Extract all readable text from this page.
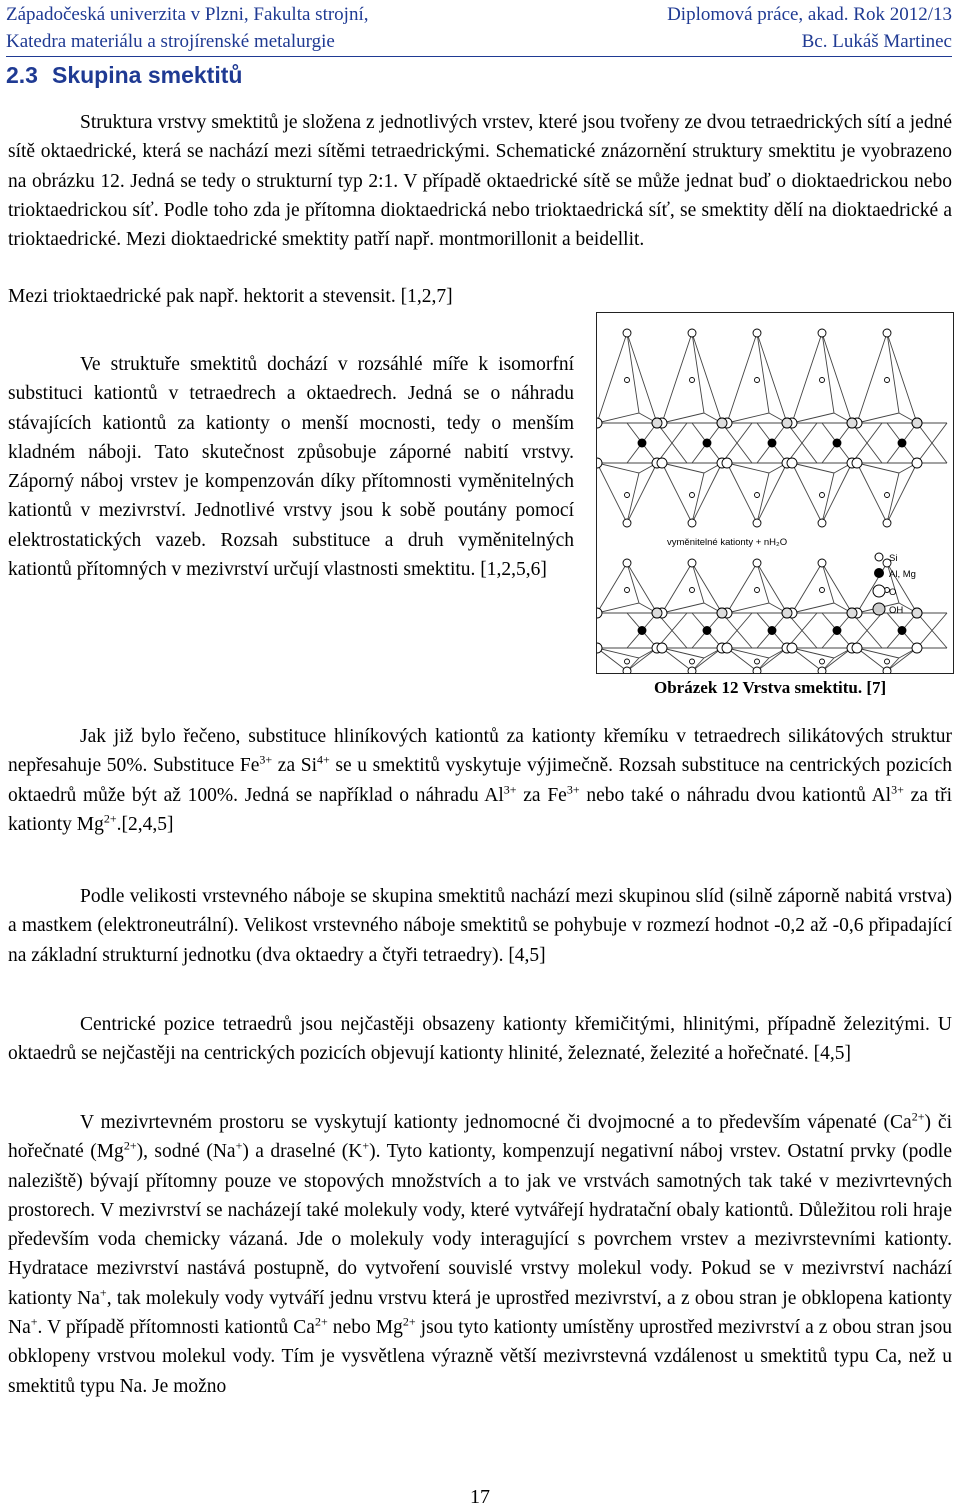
Západočeská univerzita v Plzni, Fakulta strojní,	Diplomová práce, akad. Rok 2012/13
Katedra materiálu a strojírenské metalurgie	Bc. Lukáš Martinec
2.3 Skupina smektitů
Struktura vrstvy smektitů je složena z jednotlivých vrstev, které jsou tvořeny ze dvou tetraedrických sítí a jedné sítě oktaedrické, která se nachází mezi sítěmi tetraedrickými. Schematické znázornění struktury smektitu je vyobrazeno na obrázku 12. Jedná se tedy o strukturní typ 2:1. V případě oktaedrické sítě se může jednat buď o dioktaedrickou nebo trioktaedrickou síť. Podle toho zda je přítomna dioktaedrická nebo trioktaedrická síť, se smektity dělí na dioktaedrické a trioktaedrické. Mezi dioktaedrické smektity patří např. montmorillonit a beidellit.
Mezi trioktaedrické pak např. hektorit a stevensit. [1,2,7]
Ve struktuře smektitů dochází v rozsáhlé míře k isomorfní substituci kationtů v tetraedrech a oktaedrech. Jedná se o náhradu stávajících kationtů za kationty o menší mocnosti, tedy o menším kladném náboji. Tato skutečnost způsobuje záporné nabití vrstvy. Záporný náboj vrstev je kompenzován díky přítomnosti vyměnitelných kationtů v mezivrství. Jednotlivé vrstvy jsou k sobě poutány pomocí elektrostatických vazeb. Rozsah substituce a druh vyměnitelných kationtů přítomných v mezivrství určují vlastnosti smektitu. [1,2,5,6]
vyměnitelné kationty + nH₂O
Si
Al, Mg
O
OH
Obrázek 12 Vrstva smektitu. [7]
Jak již bylo řečeno, substituce hliníkových kationtů za kationty křemíku v tetraedrech silikátových struktur nepřesahuje 50%. Substituce $Fe^{3+}$ za $Si^{4+}$ se u smektitů vyskytuje výjimečně. Rozsah substituce na centrických pozicích oktaedrů může být až 100%. Jedná se například o náhradu $Al^{3+}$ za $Fe^{3+}$ nebo také o náhradu dvou kationtů $Al^{3+}$ za tři kationty $Mg^{2+}.[2,4,5]$
Podle velikosti vrstevného náboje se skupina smektitů nachází mezi skupinou slíd (silně záporně nabitá vrstva) a mastkem (elektroneutrální). Velikost vrstevného náboje smektitů se pohybuje v rozmezí hodnot -0,2 až -0,6 připadající na základní strukturní jednotku (dva oktaedry a čtyři tetraedry). [4,5]
Centrické pozice tetraedrů jsou nejčastěji obsazeny kationty křemičitými, hlinitými, případně železitými. U oktaedrů se nejčastěji na centrických pozicích objevují kationty hlinité, železnaté, železité a hořečnaté. [4,5]
V mezivrtevném prostoru se vyskytují kationty jednomocné či dvojmocné a to především vápenaté $(Ca^{2+})$ či hořečnaté $(Mg^{2+})$, sodné (Na+) a draselné (K+). Tyto kationty, kompenzují negativní náboj vrstev. Ostatní prvky (podle naleziště) bývají přítomny pouze ve stopových množstvích a to jak ve vrstvách samotných tak také v mezivrtevných prostorech. V mezivrství se nacházejí také molekuly vody, které vytvářejí hydratační obaly kationtů. Důležitou roli hraje především voda chemicky vázaná. Jde o molekuly vody interagující s povrchem vrstev a mezivrstevními kationty. Hydratace mezivrství nastává postupně, do vytvoření souvislé vrstvy molekul vody. Pokud se v mezivrství nachází kationty Na+, tak molekuly vody vytváří jednu vrstvu která je uprostřed mezivrství, a z obou stran je obklopena kationty Na+. V případě přítomnosti kationtů $Ca^{2+}$ nebo $Mg^{2+}$ jsou tyto kationty umístěny uprostřed mezivrství a z obou stran jsou obklopeny vrstvou molekul vody. Tím je vysvětlena výrazně větší mezivrstevná vzdálenost u smektitů typu Ca, než u smektitů typu Na. Je možno
17
